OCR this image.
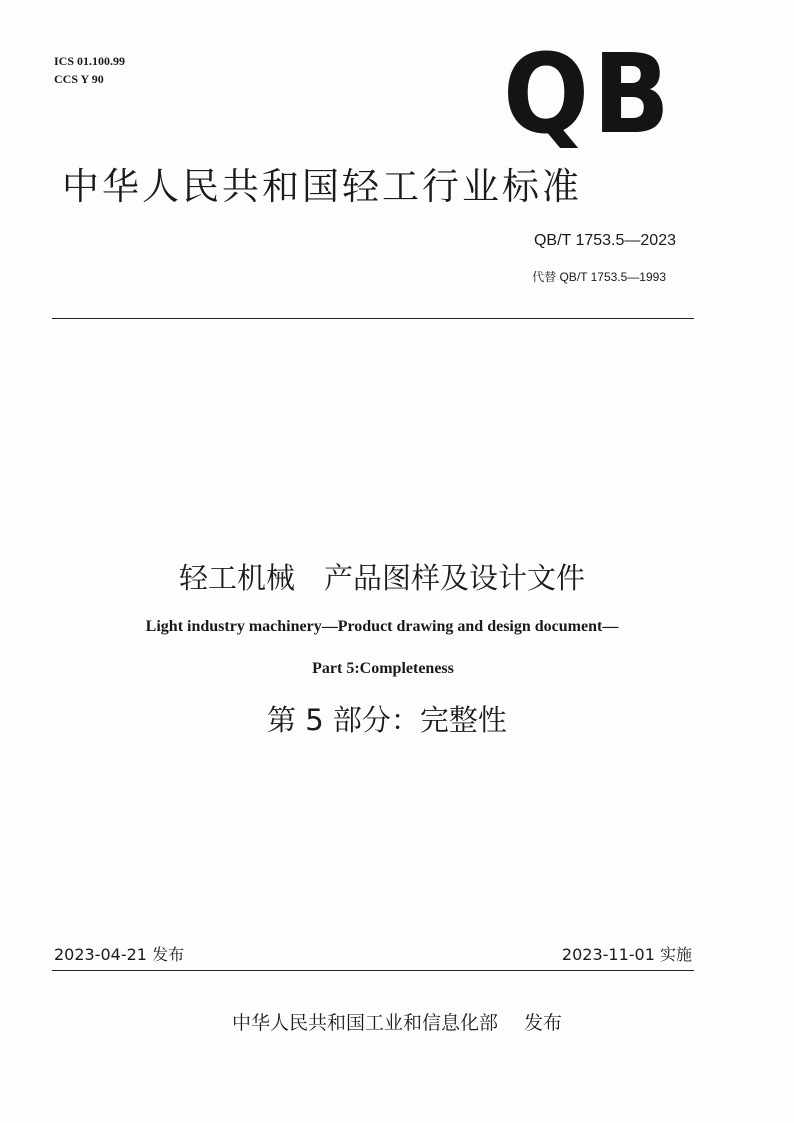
ICS 01.100.99
CCS Y 90	QB
中华人民共和国轻工行业标准
QB/T 1753.5—2023
代替 QB/T 1753.5—1993

轻工机械　产品图样及设计文件

第 5 部分：完整性

Light industry machinery—Product drawing and design document—
Part 5:Completeness
2023-04-21 发布	2023-11-01 实施
中华人民共和国工业和信息化部 发布
